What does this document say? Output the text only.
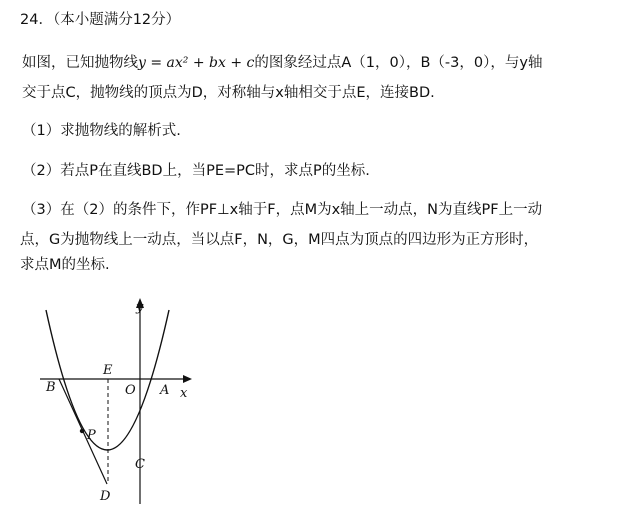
24．（本小题满分12分）
如图，已知抛物线y = ax² + bx + c的图象经过点A（1，0），B（-3，0），与y轴
交于点C，抛物线的顶点为D，对称轴与x轴相交于点E，连接BD.
（1）求抛物线的解析式.
（2）若点P在直线BD上，当PE=PC时，求点P的坐标.
（3）在（2）的条件下，作PF⊥x轴于F，点M为x轴上一动点，N为直线PF上一动
点，G为抛物线上一动点，当以点F，N，G，M四点为顶点的四边形为正方形时，
求点M的坐标.
y
x
O A
B
C
D
E
P
